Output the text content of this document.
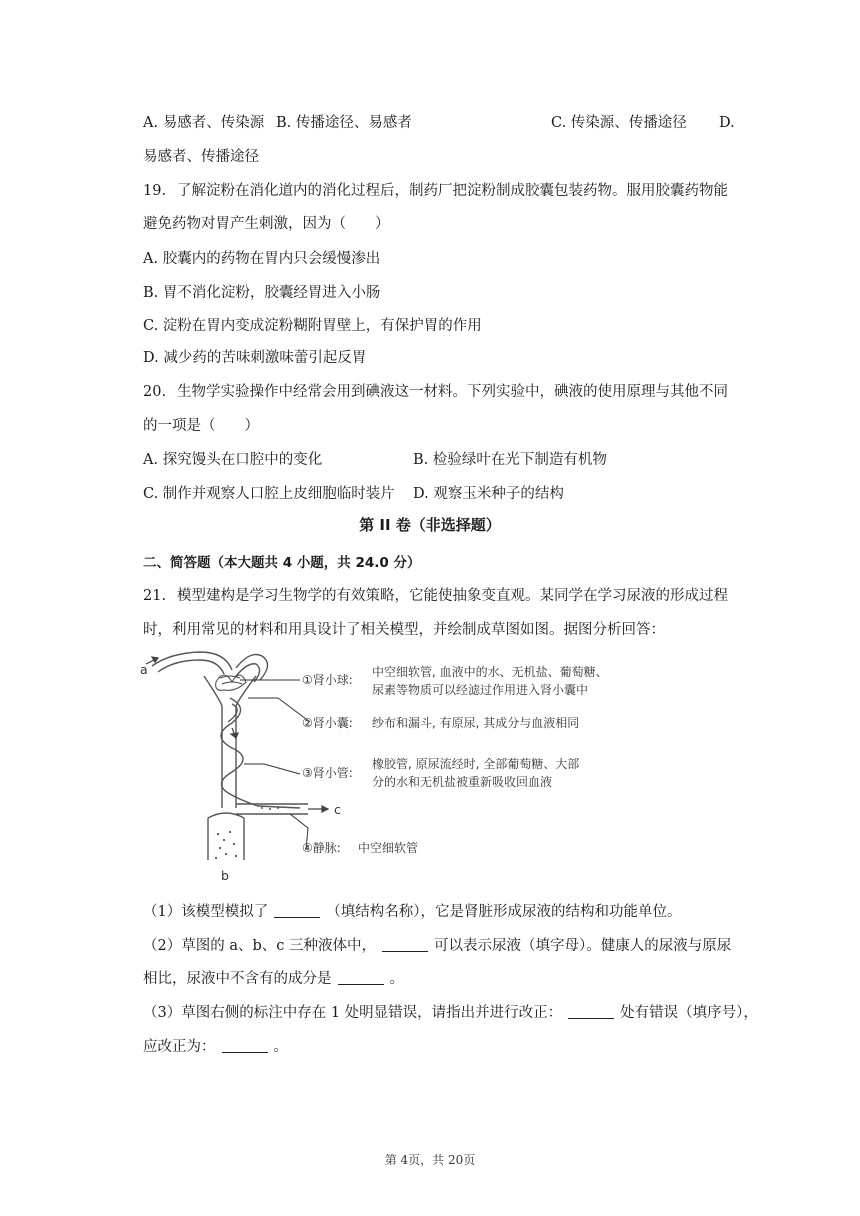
A. 易感者、传染源 B. 传播途径、易感者	C. 传染源、传播途径 D.
易感者、传播途径
19. 了解淀粉在消化道内的消化过程后，制药厂把淀粉制成胶囊包装药物。服用胶囊药物能
避免药物对胃产生刺激，因为（　　）
A. 胶囊内的药物在胃内只会缓慢渗出
B. 胃不消化淀粉，胶囊经胃进入小肠
C. 淀粉在胃内变成淀粉糊附胃壁上，有保护胃的作用
D. 减少药的苦味刺激味蕾引起反胃
20. 生物学实验操作中经常会用到碘液这一材料。下列实验中，碘液的使用原理与其他不同
的一项是（　　）
A. 探究馒头在口腔中的变化	B. 检验绿叶在光下制造有机物
C. 制作并观察人口腔上皮细胞临时装片 D. 观察玉米种子的结构
第 II 卷（非选择题）
二、简答题（本大题共 4 小题，共 24.0 分）
21. 模型建构是学习生物学的有效策略，它能使抽象变直观。某同学在学习尿液的形成过程
时，利用常见的材料和用具设计了相关模型，并绘制成草图如图。据图分析回答：
a
c
b
①肾小球:
中空细软管, 血液中的水、无机盐、葡萄糖、
尿素等物质可以经滤过作用进入肾小囊中
②肾小囊: 纱布和漏斗, 有原尿, 其成分与血液相同
③肾小管:
橡胶管, 原尿流经时, 全部葡萄糖、大部
分的水和无机盐被重新吸收回血液
④静脉: 中空细软管
（1）该模型模拟了	（填结构名称），它是肾脏形成尿液的结构和功能单位。
（2）草图的 a、b、c 三种液体中，	可以表示尿液（填字母）。健康人的尿液与原尿
相比，尿液中不含有的成分是	。
（3）草图右侧的标注中存在 1 处明显错误，请指出并进行改正：	处有错误（填序号），
应改正为：	。
第 4页，共 20页
